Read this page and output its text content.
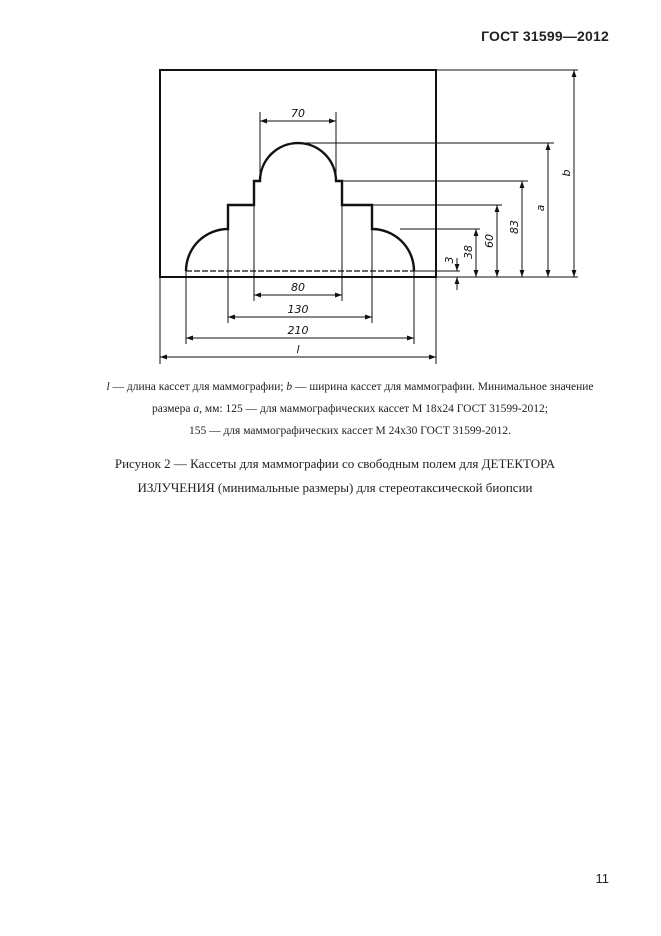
ГОСТ 31599—2012
70
80
130
210
l
b
a
83
60
38
3

l — длина кассет для маммографии; b — ширина кассет для маммографии. Минимальное значение

размера a, мм: 125 — для маммографических кассет М 18х24 ГОСТ 31599-2012;

155 — для маммографических кассет М 24х30 ГОСТ 31599-2012.

Рисунок 2 — Кассеты для маммографии со свободным полем для ДЕТЕКТОРА

ИЗЛУЧЕНИЯ (минимальные размеры) для стереотаксической биопсии

11
